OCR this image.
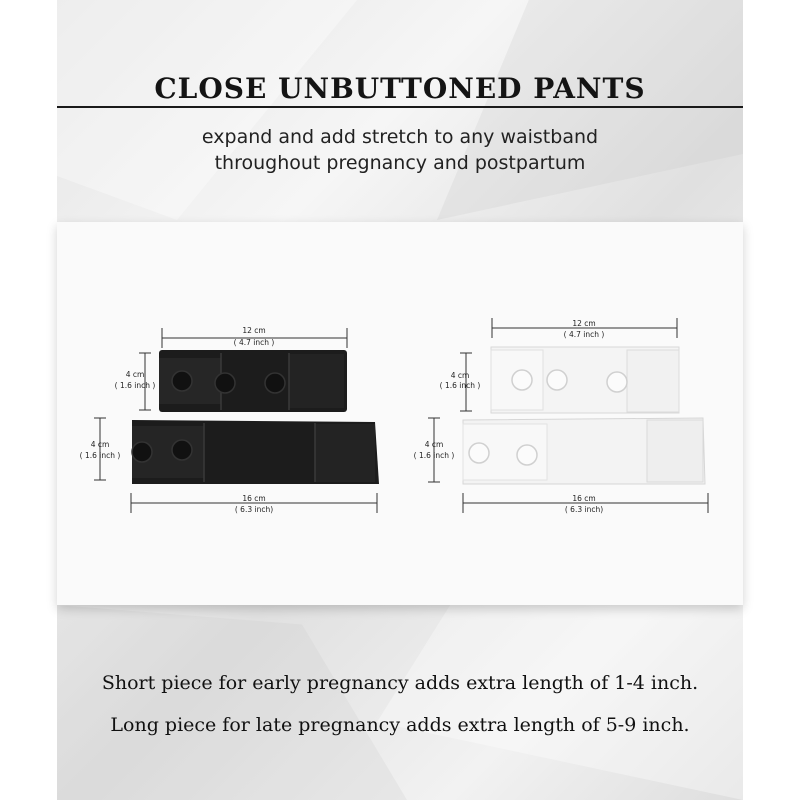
CLOSE UNBUTTONED PANTS
expand and add stretch to any waistband
throughout pregnancy and postpartum
12 cm
( 4.7 inch )
4 cm
( 1.6 inch )
4 cm
( 1.6 inch )
16 cm
( 6.3 inch)
12 cm
( 4.7 inch )
4 cm
( 1.6 inch )
4 cm
( 1.6 inch )
16 cm
( 6.3 inch)
Short piece for early pregnancy adds extra length of 1-4 inch.
Long piece for late pregnancy adds extra length of 5-9 inch.
